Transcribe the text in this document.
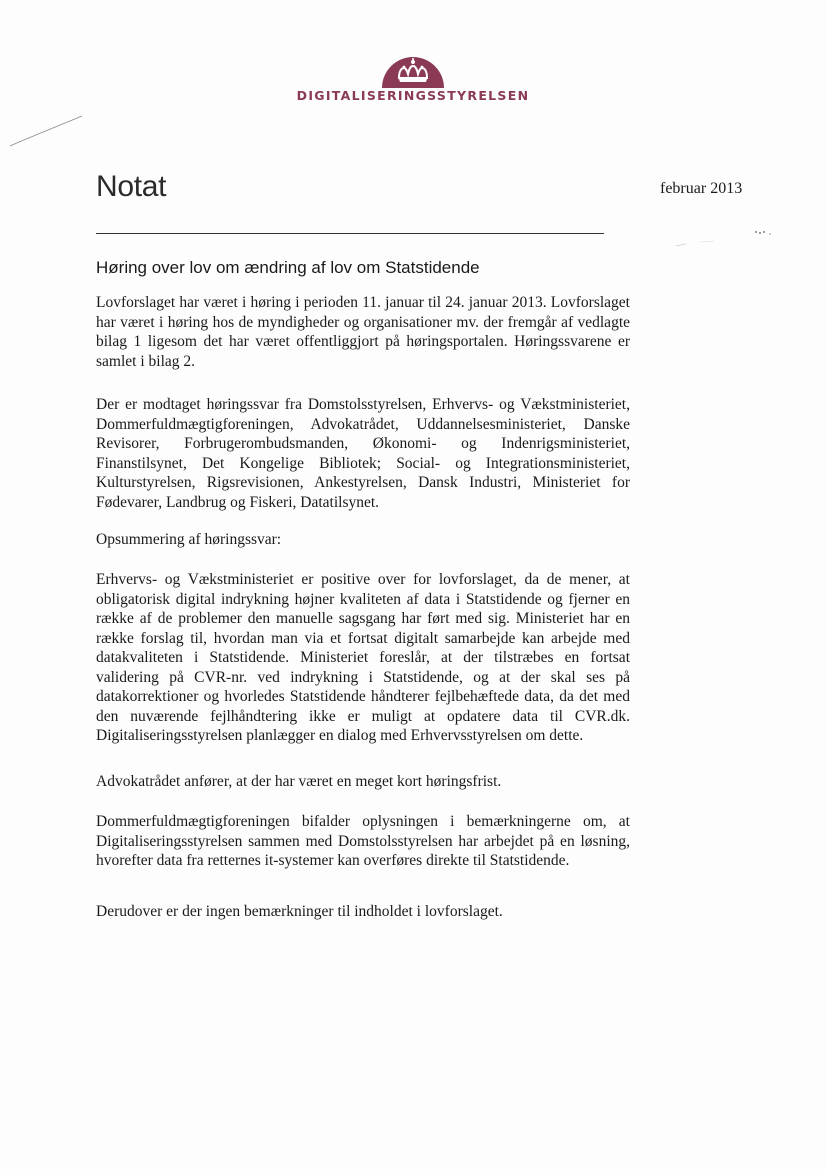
DIGITALISERINGSSTYRELSEN
Notat	februar 2013
Høring over lov om ændring af lov om Statstidende

Lovforslaget har været i høring i perioden 11. januar til 24. januar 2013. Lovforslaget har været i høring hos de myndigheder og organisationer mv. der fremgår af vedlagte bilag 1 ligesom det har været offentliggjort på høringsportalen. Høringssvarene er samlet i bilag 2.

Der er modtaget høringssvar fra Domstolsstyrelsen, Erhvervs- og Vækstministeriet, Dommerfuldmægtigforeningen, Advokatrådet, Uddannelsesministeriet, Danske Revisorer, Forbrugerombudsmanden, Økonomi- og Indenrigsministeriet, Finanstilsynet, Det Kongelige Bibliotek; Social- og Integrationsministeriet, Kulturstyrelsen, Rigsrevisionen, Ankestyrelsen, Dansk Industri, Ministeriet for Fødevarer, Landbrug og Fiskeri, Datatilsynet.

Opsummering af høringssvar:

Erhvervs- og Vækstministeriet er positive over for lovforslaget, da de mener, at obligatorisk digital indrykning højner kvaliteten af data i Statstidende og fjerner en række af de problemer den manuelle sagsgang har ført med sig. Ministeriet har en række forslag til, hvordan man via et fortsat digitalt samarbejde kan arbejde med datakvaliteten i Statstidende. Ministeriet foreslår, at der tilstræbes en fortsat validering på CVR-nr. ved indrykning i Statstidende, og at der skal ses på datakorrektioner og hvorledes Statstidende håndterer fejlbehæftede data, da det med den nuværende fejlhåndtering ikke er muligt at opdatere data til CVR.dk. Digitaliseringsstyrelsen planlægger en dialog med Erhvervsstyrelsen om dette.

Advokatrådet anfører, at der har været en meget kort høringsfrist.

Dommerfuldmægtigforeningen bifalder oplysningen i bemærkningerne om, at Digitaliseringsstyrelsen sammen med Domstolsstyrelsen har arbejdet på en løsning, hvorefter data fra retternes it-systemer kan overføres direkte til Statstidende.

Derudover er der ingen bemærkninger til indholdet i lovforslaget.
